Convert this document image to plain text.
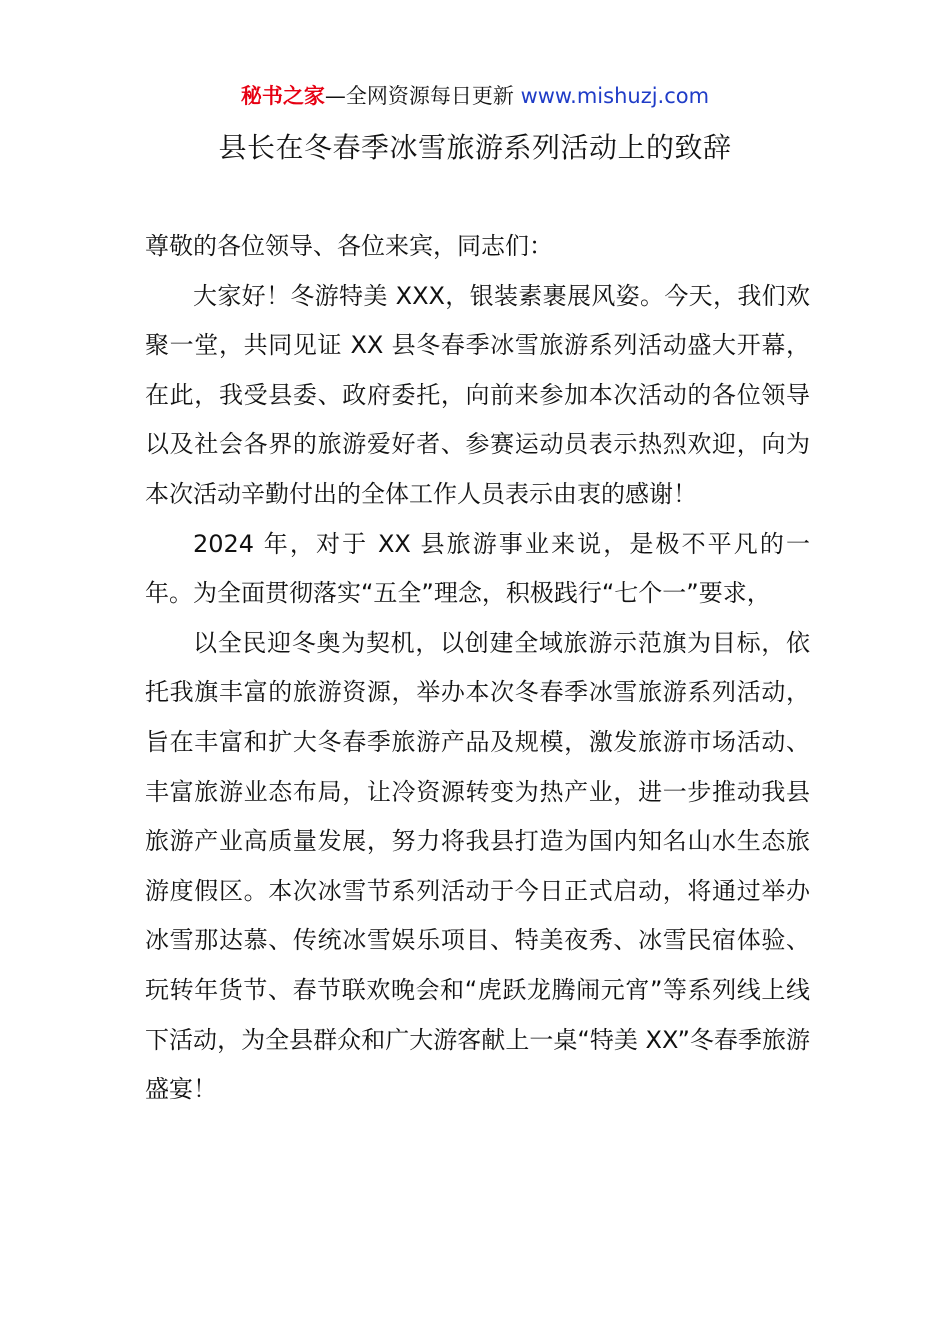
秘书之家—全网资源每日更新 www.mishuzj.com
县长在冬春季冰雪旅游系列活动上的致辞

尊敬的各位领导、各位来宾，同志们：

大家好！冬游特美 XXX，银装素裹展风姿。今天，我们欢聚一堂，共同见证 XX 县冬春季冰雪旅游系列活动盛大开幕，在此，我受县委、政府委托，向前来参加本次活动的各位领导以及社会各界的旅游爱好者、参赛运动员表示热烈欢迎，向为本次活动辛勤付出的全体工作人员表示由衷的感谢！

2024 年，对于 XX 县旅游事业来说，是极不平凡的一年。为全面贯彻落实“五全”理念，积极践行“七个一”要求，

以全民迎冬奥为契机，以创建全域旅游示范旗为目标，依托我旗丰富的旅游资源，举办本次冬春季冰雪旅游系列活动，旨在丰富和扩大冬春季旅游产品及规模，激发旅游市场活动、丰富旅游业态布局，让冷资源转变为热产业，进一步推动我县旅游产业高质量发展，努力将我县打造为国内知名山水生态旅游度假区。本次冰雪节系列活动于今日正式启动，将通过举办冰雪那达慕、传统冰雪娱乐项目、特美夜秀、冰雪民宿体验、玩转年货节、春节联欢晚会和“虎跃龙腾闹元宵”等系列线上线下活动，为全县群众和广大游客献上一桌“特美 XX”冬春季旅游盛宴！
